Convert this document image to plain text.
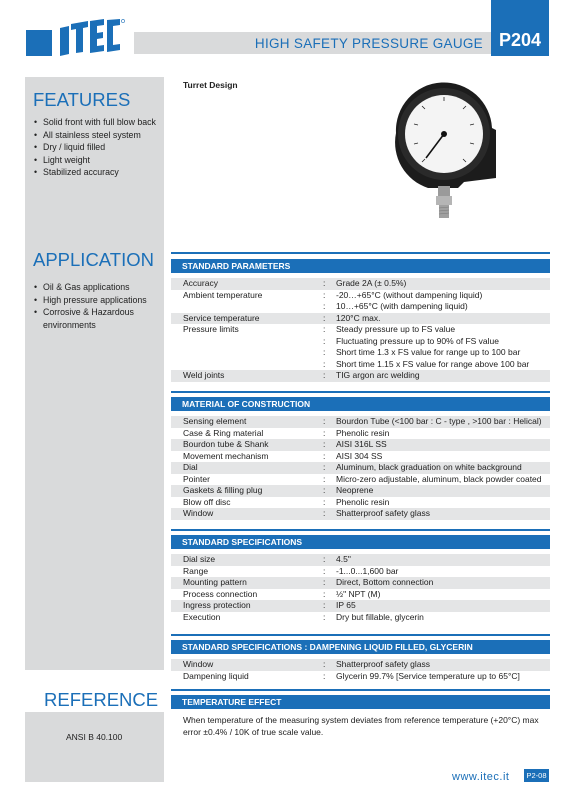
HIGH SAFETY PRESSURE GAUGE P204
FEATURES
• Solid front with full blow back
• All stainless steel system
• Dry / liquid filled
• Light weight
• Stabilized accuracy
APPLICATION
• Oil & Gas applications
• High pressure applications
• Corrosive & Hazardous environments
REFERENCE
ANSI B 40.100
Turret Design
STANDARD PARAMETERS
Accuracy	: Grade 2A (± 0.5%)
Ambient temperature	: -20…+65°C (without dampening liquid)
: 10…+65°C (with dampening liquid)
Service temperature	: 120°C max.
Pressure limits	: Steady pressure up to FS value
: Fluctuating pressure up to 90% of FS value
: Short time 1.3 x FS value for range up to 100 bar
: Short time 1.15 x FS value for range above 100 bar
Weld joints	: TIG argon arc welding
MATERIAL OF CONSTRUCTION
Sensing element	: Bourdon Tube (<100 bar : C - type , >100 bar : Helical)
Case & Ring material	: Phenolic resin
Bourdon tube & Shank	: AISI 316L SS
Movement mechanism	: AISI 304 SS
Dial	: Aluminum, black graduation on white background
Pointer	: Micro-zero adjustable, aluminum, black powder coated
Gaskets & filling plug	: Neoprene
Blow off disc	: Phenolic resin
Window	: Shatterproof safety glass
STANDARD SPECIFICATIONS
Dial size	: 4.5"
Range	: -1...0...1,600 bar
Mounting pattern	: Direct, Bottom connection
Process connection	: ½" NPT (M)
Ingress protection	: IP 65
Execution	: Dry but fillable, glycerin
STANDARD SPECIFICATIONS : DAMPENING LIQUID FILLED, GLYCERIN
Window	: Shatterproof safety glass
Dampening liquid	: Glycerin 99.7% [Service temperature up to 65°C]
TEMPERATURE EFFECT
When temperature of the measuring system deviates from reference temperature (+20°C) max
error ±0.4% / 10K of true scale value.
www.itec.it	P2-08
